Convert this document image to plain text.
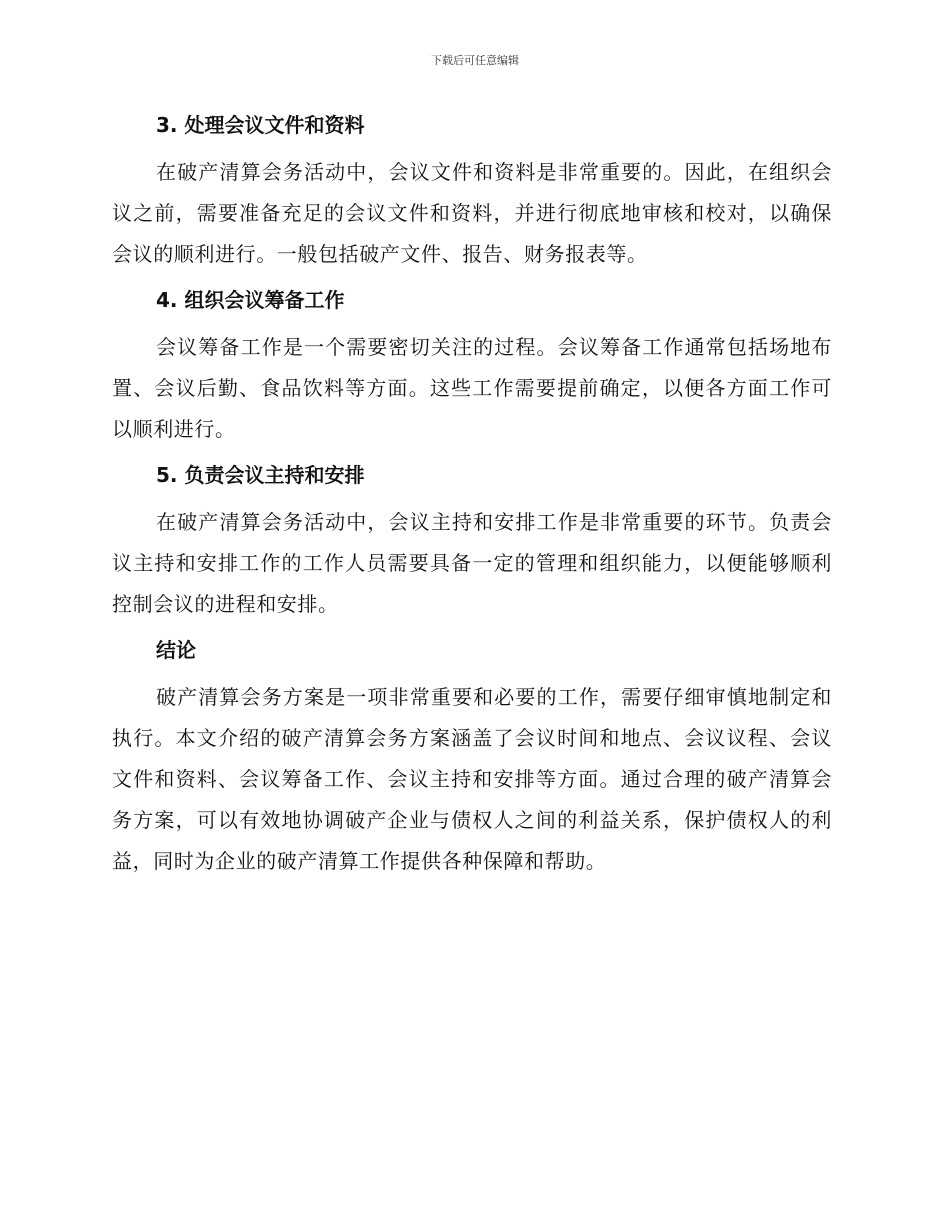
下载后可任意编辑
3. 处理会议文件和资料

在破产清算会务活动中，会议文件和资料是非常重要的。因此，在组织会议之前，需要准备充足的会议文件和资料，并进行彻底地审核和校对，以确保会议的顺利进行。一般包括破产文件、报告、财务报表等。

4. 组织会议筹备工作

会议筹备工作是一个需要密切关注的过程。会议筹备工作通常包括场地布置、会议后勤、食品饮料等方面。这些工作需要提前确定，以便各方面工作可以顺利进行。

5. 负责会议主持和安排

在破产清算会务活动中，会议主持和安排工作是非常重要的环节。负责会议主持和安排工作的工作人员需要具备一定的管理和组织能力，以便能够顺利控制会议的进程和安排。

结论

破产清算会务方案是一项非常重要和必要的工作，需要仔细审慎地制定和执行。本文介绍的破产清算会务方案涵盖了会议时间和地点、会议议程、会议文件和资料、会议筹备工作、会议主持和安排等方面。通过合理的破产清算会务方案，可以有效地协调破产企业与债权人之间的利益关系，保护债权人的利益，同时为企业的破产清算工作提供各种保障和帮助。
